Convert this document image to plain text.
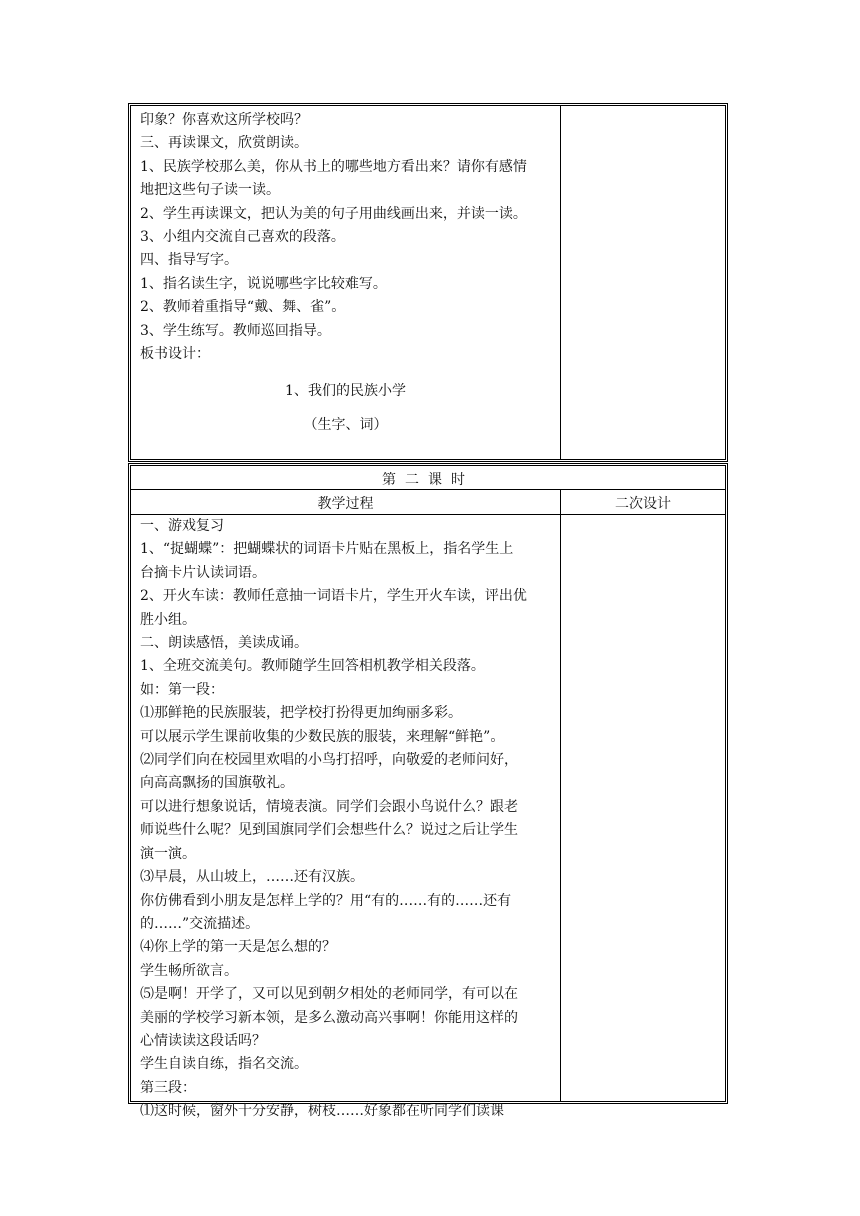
印象？你喜欢这所学校吗？

三、再读课文，欣赏朗读。

1、民族学校那么美，你从书上的哪些地方看出来？请你有感情

地把这些句子读一读。

2、学生再读课文，把认为美的句子用曲线画出来，并读一读。

3、小组内交流自己喜欢的段落。

四、指导写字。

1、指名读生字，说说哪些字比较难写。

2、教师着重指导“戴、舞、雀”。

3、学生练写。教师巡回指导。

板书设计：

1、我们的民族小学
（生字、词）
第二课时
教学过程	二次设计

一、游戏复习

1、“捉蝴蝶”：把蝴蝶状的词语卡片贴在黑板上，指名学生上

台摘卡片认读词语。

2、开火车读：教师任意抽一词语卡片，学生开火车读，评出优

胜小组。

二、朗读感悟，美读成诵。

1、全班交流美句。教师随学生回答相机教学相关段落。

如：第一段：

⑴那鲜艳的民族服装，把学校打扮得更加绚丽多彩。

可以展示学生课前收集的少数民族的服装，来理解“鲜艳”。

⑵同学们向在校园里欢唱的小鸟打招呼，向敬爱的老师问好，

向高高飘扬的国旗敬礼。

可以进行想象说话，情境表演。同学们会跟小鸟说什么？跟老

师说些什么呢？见到国旗同学们会想些什么？说过之后让学生

演一演。

⑶早晨，从山坡上，……还有汉族。

你仿佛看到小朋友是怎样上学的？用“有的……有的……还有

的……”交流描述。

⑷你上学的第一天是怎么想的？

学生畅所欲言。

⑸是啊！开学了，又可以见到朝夕相处的老师同学，有可以在

美丽的学校学习新本领，是多么激动高兴事啊！你能用这样的

心情读读这段话吗？

学生自读自练，指名交流。

第三段：

⑴这时候，窗外十分安静，树枝……好象都在听同学们读课
